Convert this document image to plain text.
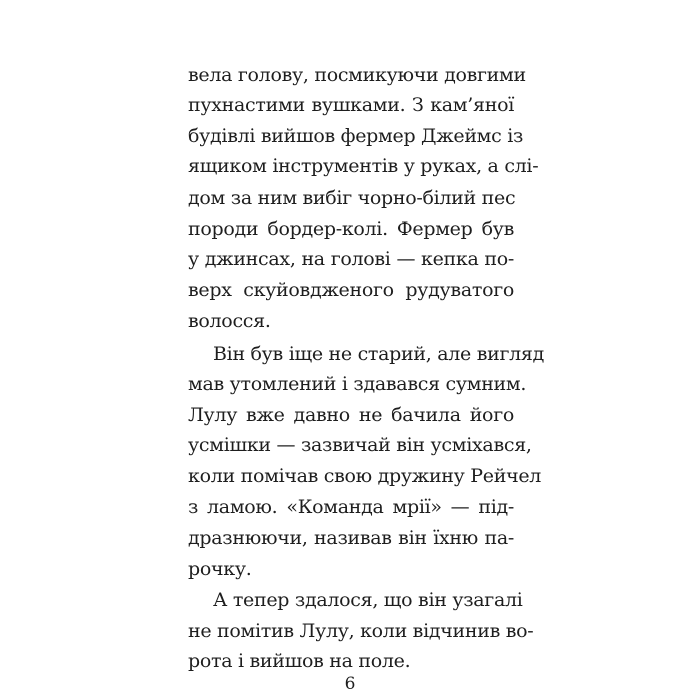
вела голову, посмикуючи довгими
пухнастими вушками. З кам’яної
будівлі вийшов фермер Джеймс із
ящиком інструментів у руках, а слі-
дом за ним вибіг чорно-білий пес
породи бордер-колі. Фермер був
у джинсах, на голові — кепка по-
верх скуйовдженого рудуватого
волосся.
Він був іще не старий, але вигляд
мав утомлений і здавався сумним.
Лулу вже давно не бачила його
усмішки — зазвичай він усміхався,
коли помічав свою дружину Рейчел
з ламою. «Команда мрії» — під-
дразнюючи, називав він їхню па-
рочку.
А тепер здалося, що він узагалі
не помітив Лулу, коли відчинив во-
рота і вийшов на поле.
6
